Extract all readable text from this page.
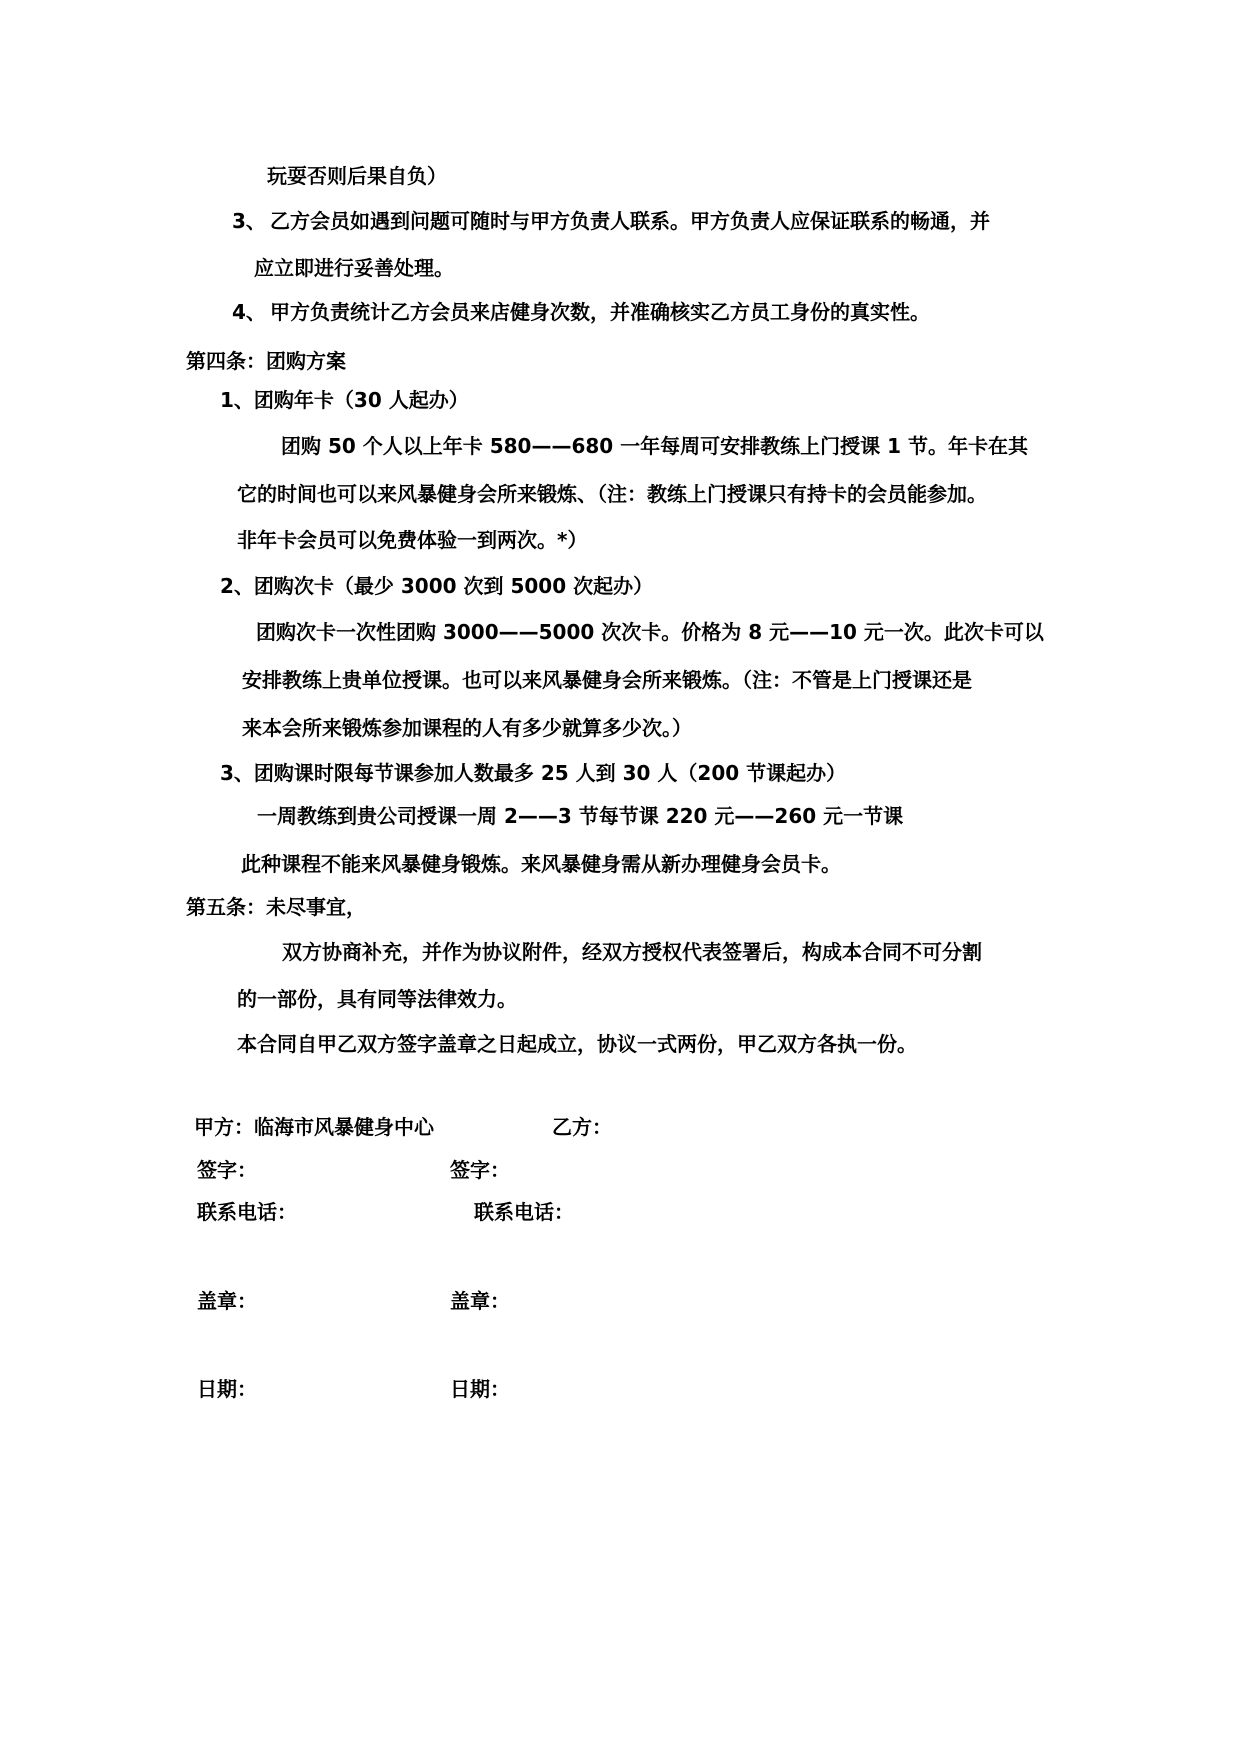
玩耍否则后果自负）
3、 乙方会员如遇到问题可随时与甲方负责人联系。甲方负责人应保证联系的畅通，并
应立即进行妥善处理。
4、 甲方负责统计乙方会员来店健身次数，并准确核实乙方员工身份的真实性。
第四条：团购方案
1、团购年卡（30 人起办）
团购 50 个人以上年卡 580——680 一年每周可安排教练上门授课 1 节。年卡在其
它的时间也可以来风暴健身会所来锻炼、（注：教练上门授课只有持卡的会员能参加。
非年卡会员可以免费体验一到两次。*）
2、团购次卡（最少 3000 次到 5000 次起办）
团购次卡一次性团购 3000——5000 次次卡。价格为 8 元——10 元一次。此次卡可以
安排教练上贵单位授课。也可以来风暴健身会所来锻炼。（注：不管是上门授课还是
来本会所来锻炼参加课程的人有多少就算多少次。）
3、团购课时限每节课参加人数最多 25 人到 30 人（200 节课起办）
一周教练到贵公司授课一周 2——3 节每节课 220 元——260 元一节课
此种课程不能来风暴健身锻炼。来风暴健身需从新办理健身会员卡。
第五条：未尽事宜，
双方协商补充，并作为协议附件，经双方授权代表签署后，构成本合同不可分割
的一部份，具有同等法律效力。
本合同自甲乙双方签字盖章之日起成立，协议一式两份，甲乙双方各执一份。
甲方：临海市风暴健身中心	乙方：
签字：	签字：
联系电话：	联系电话：
盖章：	盖章：
日期：	日期：
